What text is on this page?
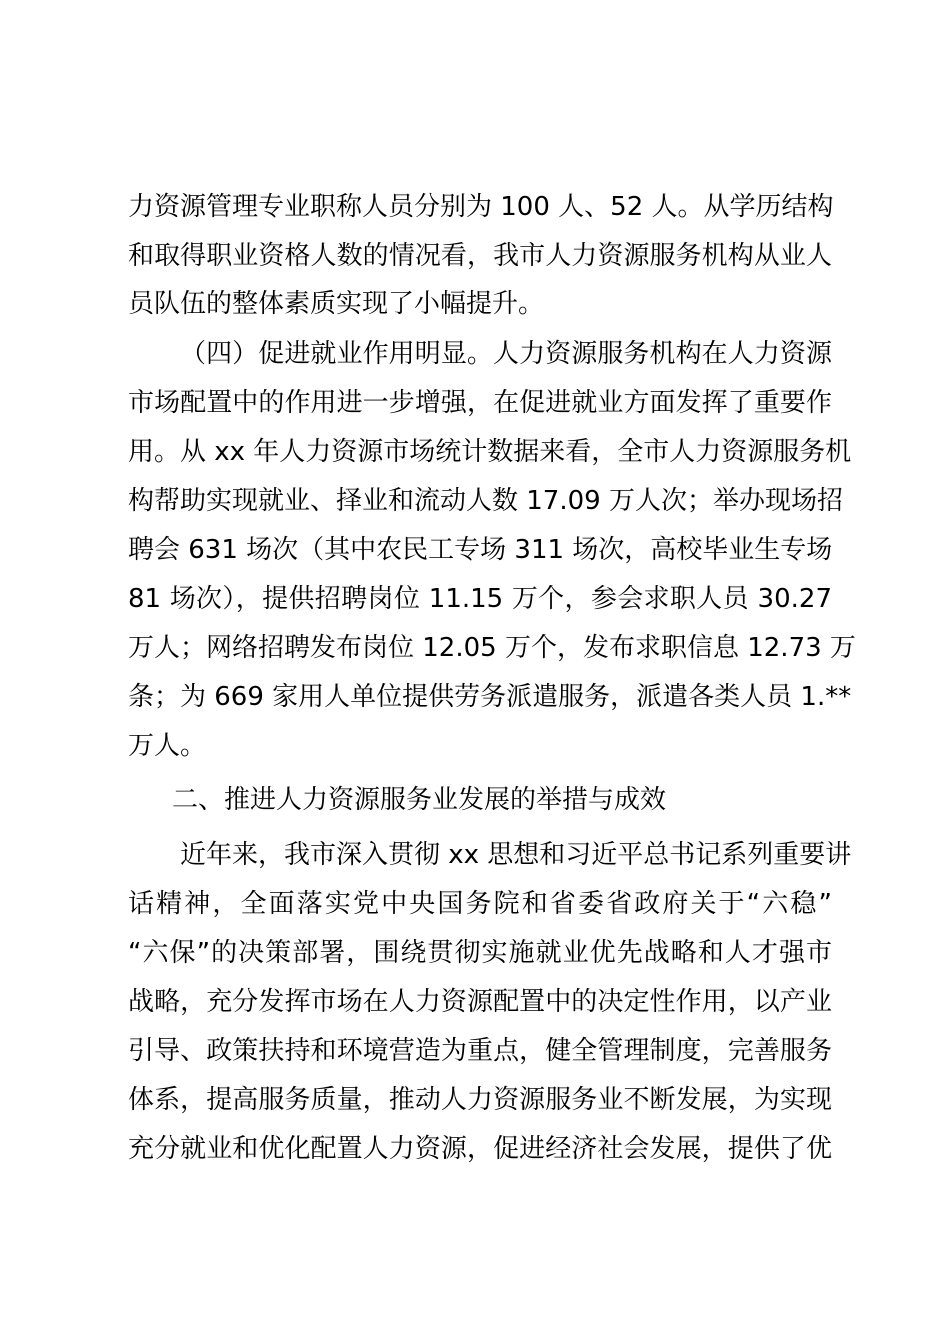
力资源管理专业职称人员分别为 100 人、52 人。从学历结构
和取得职业资格人数的情况看，我市人力资源服务机构从业人
员队伍的整体素质实现了小幅提升。
（四）促进就业作用明显。人力资源服务机构在人力资源
市场配置中的作用进一步增强，在促进就业方面发挥了重要作
用。从 xx 年人力资源市场统计数据来看，全市人力资源服务机
构帮助实现就业、择业和流动人数 17.09 万人次；举办现场招
聘会 631 场次（其中农民工专场 311 场次，高校毕业生专场
81 场次），提供招聘岗位 11.15 万个，参会求职人员 30.27
万人；网络招聘发布岗位 12.05 万个，发布求职信息 12.73 万
条；为 669 家用人单位提供劳务派遣服务，派遣各类人员 1.**
万人。
二、推进人力资源服务业发展的举措与成效
近年来，我市深入贯彻 xx 思想和习近平总书记系列重要讲
话精神，全面落实党中央国务院和省委省政府关于“六稳”
“六保”的决策部署，围绕贯彻实施就业优先战略和人才强市
战略，充分发挥市场在人力资源配置中的决定性作用，以产业
引导、政策扶持和环境营造为重点，健全管理制度，完善服务
体系，提高服务质量，推动人力资源服务业不断发展，为实现
充分就业和优化配置人力资源，促进经济社会发展，提供了优
